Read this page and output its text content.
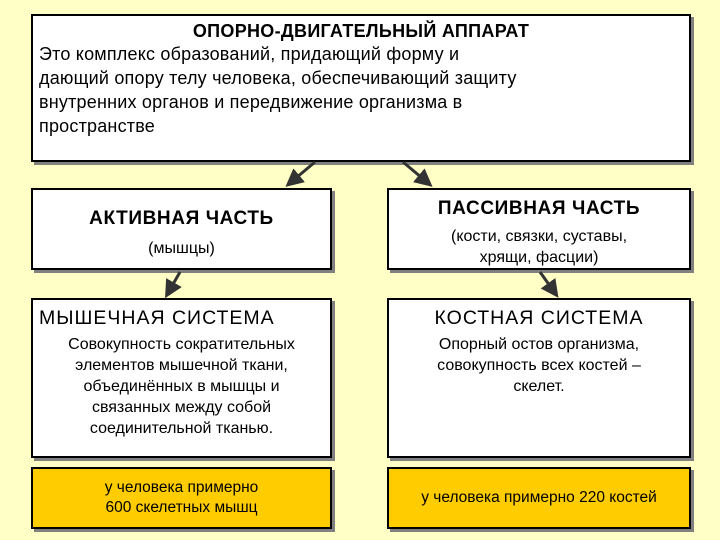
ОПОРНО-ДВИГАТЕЛЬНЫЙ АППАРАТ
Это комплекс образований, придающий форму и
дающий опору телу человека, обеспечивающий защиту
внутренних органов и передвижение организма в
пространстве
АКТИВНАЯ ЧАСТЬ
(мышцы)
ПАССИВНАЯ ЧАСТЬ
(кости, связки, суставы,
хрящи, фасции)
МЫШЕЧНАЯ СИСТЕМА
Совокупность сократительных
элементов мышечной ткани,
объединённых в мышцы и
связанных между собой
соединительной тканью.
КОСТНАЯ СИСТЕМА
Опорный остов организма,
совокупность всех костей –
скелет.
у человека примерно
600 скелетных мышц
у человека примерно 220 костей
